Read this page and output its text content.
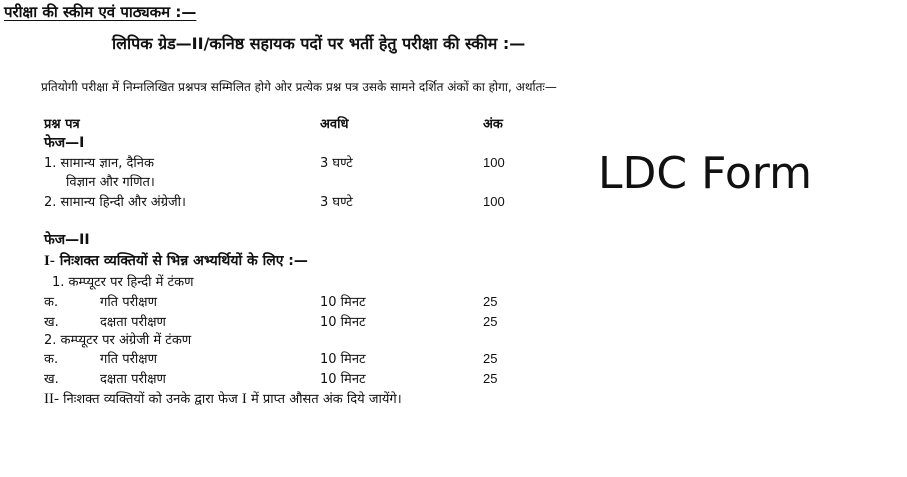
परीक्षा की स्कीम एवं पाठ्यकम :—
लिपिक ग्रेड—II/कनिष्ठ सहायक पदों पर भर्ती हेतु परीक्षा की स्कीम :—
प्रतियोगी परीक्षा में निम्नलिखित प्रश्नपत्र सम्मिलित होगे ओर प्रत्येक प्रश्न पत्र उसके सामने दर्शित अंकों का होगा, अर्थातः—
प्रश्न पत्र	अवधि	अंक
फेज—I
1. सामान्य ज्ञान, दैनिक
विज्ञान और गणित।
3 घण्टे	100
2. सामान्य हिन्दी और अंग्रेजी।	3 घण्टे	100
फेज—II
I- निःशक्त व्यक्तियों से भिन्न अभ्यर्थियों के लिए :—
1. कम्प्यूटर पर हिन्दी में टंकण
क.	गति परीक्षण	10 मिनट	25
ख.	दक्षता परीक्षण	10 मिनट	25
2. कम्प्यूटर पर अंग्रेजी में टंकण
क.	गति परीक्षण	10 मिनट	25
ख.	दक्षता परीक्षण	10 मिनट	25
II- निःशक्त व्यक्तियों को उनके द्वारा फेज I में प्राप्त औसत अंक दिये जायेंगे।
LDC Form
